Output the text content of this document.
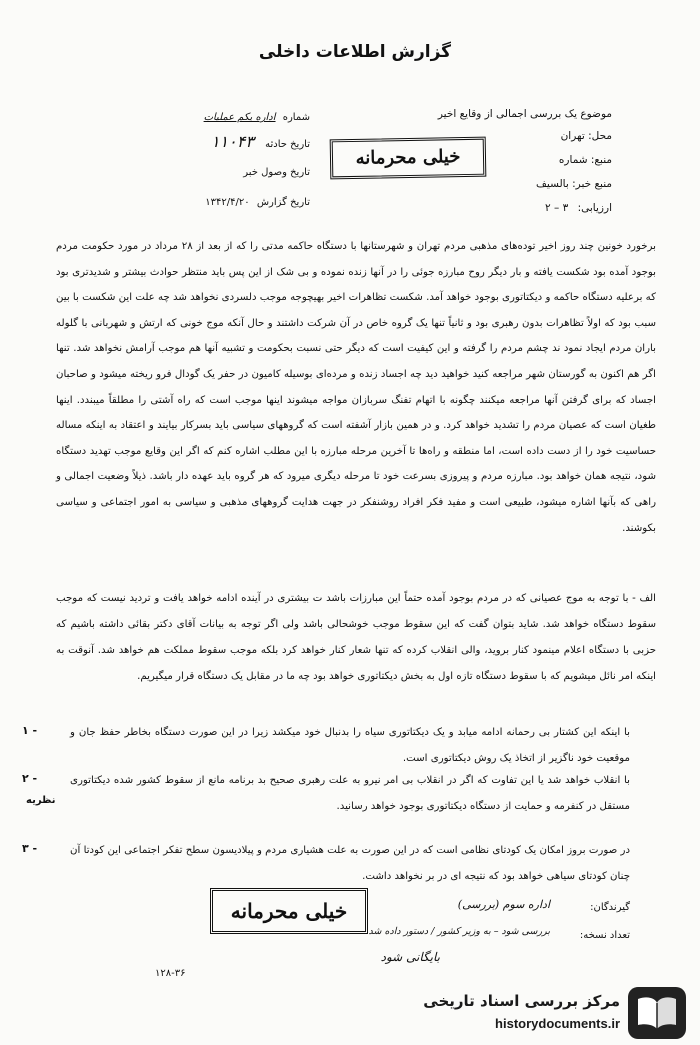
گزارش اطلاعات داخلی
شماره اداره یکم عملیات
تاریخ حادثه ۱۱۰۴۳
تاریخ وصول خبر
تاریخ گزارش ۱۳۴۲/۴/۲۰
موضوع یک بررسی اجمالی از وقایع اخیر
محل: تهران
منبع: شماره
منبع خبر: بالسیف
ارزیابی: ۳ – ۲
خیلی محرمانه

برخورد خونین چند روز اخیر توده‌های مذهبی مردم تهران و شهرستانها با دستگاه حاکمه مدتی را که از بعد از ۲۸ مرداد در مورد حکومت مردم بوجود آمده بود شکست یافته و بار دیگر روح مبارزه جوئی را در آنها زنده نموده و بی شک از این پس باید منتظر حوادث بیشتر و شدیدتری بود که برعلیه دستگاه حاکمه و دیکتاتوری بوجود خواهد آمد. شکست تظاهرات اخیر بهیچوجه موجب دلسردی نخواهد شد چه علت این شکست با بین سبب بود که اولاً تظاهرات بدون رهبری بود و ثانیاً تنها یک گروه خاص در آن شرکت داشتند و حال آنکه موج خونی که ارتش و شهربانی با گلوله باران مردم ایجاد نمود ند چشم مردم را گرفته و این کیفیت است که دیگر حتی نسبت بحکومت و تشبیه آنها هم موجب آرامش نخواهد شد. تنها اگر هم اکنون به گورستان شهر مراجعه کنید خواهید دید چه اجساد زنده و مرده‌ای بوسیله کامیون در حفر یک گودال فرو ریخته میشود و صاحبان اجساد که برای گرفتن آنها مراجعه میکنند چگونه با اتهام تفنگ سربازان مواجه میشوند اینها موجب است که راه آشتی را مطلقاً میبندد. اینها طغیان است که عصیان مردم را تشدید خواهد کرد. و در همین بازار آشفته است که گروههای سیاسی باید بسرکار بیایند و اعتقاد به اینکه مساله حساسیت خود را از دست داده است، اما منطقه و راه‌ها تا آخرین مرحله مبارزه با این مطلب اشاره کنم که اگر این وقایع موجب تهدید دستگاه شود، نتیجه همان خواهد بود. مبارزه مردم و پیروزی بسرعت خود تا مرحله دیگری میرود که هر گروه باید عهده دار باشد. ذیلاً وضعیت اجمالی و راهی که بآنها اشاره میشود، طبیعی است و مفید فکر افراد روشنفکر در جهت هدایت گروههای مذهبی و سیاسی به امور اجتماعی و سیاسی بکوشند.

الف - با توجه به موج عصیانی که در مردم بوجود آمده حتماً این مبارزات باشد ت بیشتری در آینده ادامه خواهد یافت و تردید نیست که موجب سقوط دستگاه خواهد شد. شاید بتوان گفت که این سقوط موجب خوشحالی باشد ولی اگر توجه به بیانات آقای دکتر بقائی داشته باشیم که حزبی با دستگاه اعلام مینمود کنار بروید، والی انقلاب کرده که تنها شعار کنار خواهد کرد بلکه موجب سقوط مملکت هم خواهد شد. آنوقت به اینکه امر نائل میشویم که با سقوط دستگاه تازه اول به بخش دیکتاتوری خواهد بود چه ما در مقابل یک دستگاه قرار میگیریم.
۱ -	با اینکه این کشتار بی رحمانه ادامه میابد و یک دیکتاتوری سیاه را بدنبال خود میکشد زیرا در این صورت دستگاه بخاطر حفظ جان و موقعیت خود ناگزیر از اتخاذ یک روش دیکتاتوری است.
۲ -
نظریه
با انقلاب خواهد شد یا این تفاوت که اگر در انقلاب بی امر نیرو به علت رهبری صحیح بد برنامه مانع از سقوط کشور شده دیکتاتوری مستقل در کنفرمه و حمایت از دستگاه دیکتاتوری بوجود خواهد رسانید.
۳ -	در صورت بروز امکان یک کودتای نظامی است که در این صورت به علت هشیاری مردم و پیلادیسون سطح تفکر اجتماعی این کودتا آن چنان کودتای سیاهی خواهد بود که نتیجه ای در بر نخواهد داشت.
گیرندگان:
اداره سوم (بررسی)
تعداد نسخه:
بررسی شود – به وزیر کشور / دستور داده شد
بایگانی شود
خیلی محرمانه
۱۲۸-۳۶
مرکز بررسی اسناد تاریخی
historydocuments.ir
